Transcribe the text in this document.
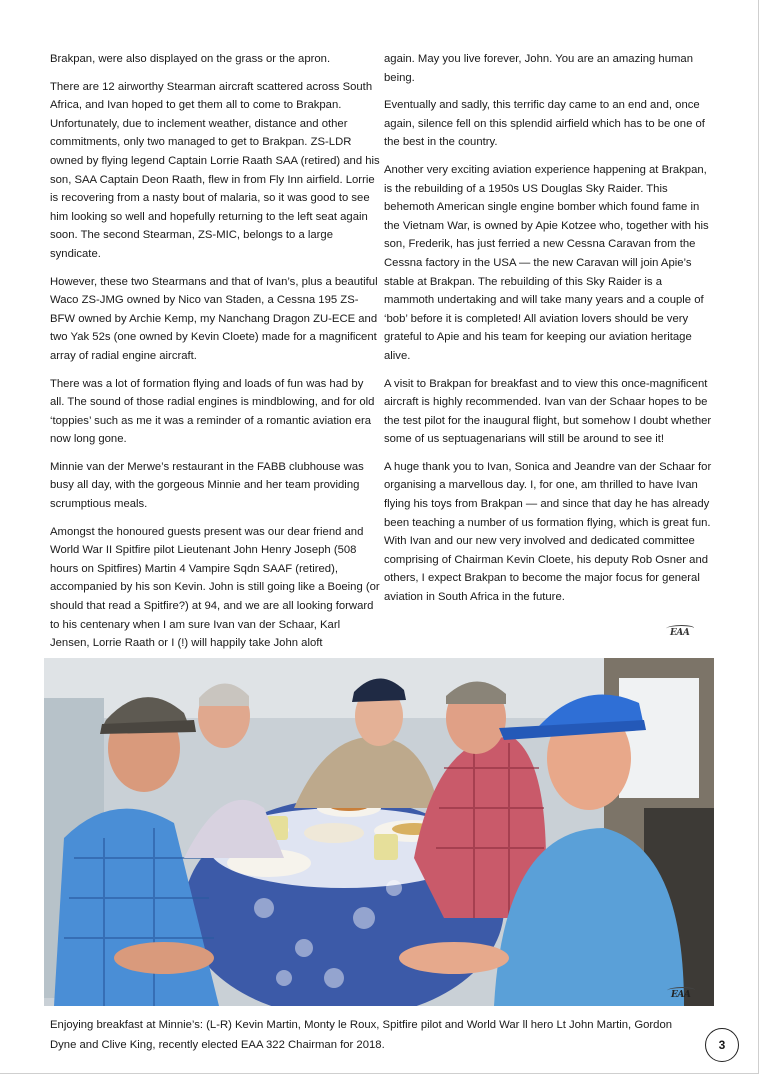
Brakpan, were also displayed on the grass or the apron.

There are 12 airworthy Stearman aircraft scattered across South Africa, and Ivan hoped to get them all to come to Brakpan. Unfortunately, due to inclement weather, distance and other commitments, only two managed to get to Brakpan. ZS-LDR owned by flying legend Captain Lorrie Raath SAA (retired) and his son, SAA Captain Deon Raath, flew in from Fly Inn airfield. Lorrie is recovering from a nasty bout of malaria, so it was good to see him looking so well and hopefully returning to the left seat again soon. The second Stearman, ZS-MIC, belongs to a large syndicate.

However, these two Stearmans and that of Ivan’s, plus a beautiful Waco ZS-JMG owned by Nico van Staden, a Cessna 195 ZS-BFW owned by Archie Kemp, my Nanchang Dragon ZU-ECE and two Yak 52s (one owned by Kevin Cloete) made for a magnificent array of radial engine aircraft.

There was a lot of formation flying and loads of fun was had by all. The sound of those radial engines is mindblowing, and for old ‘toppies’ such as me it was a reminder of a romantic aviation era now long gone.

Minnie van der Merwe’s restaurant in the FABB clubhouse was busy all day, with the gorgeous Minnie and her team providing scrumptious meals.

Amongst the honoured guests present was our dear friend and World War II Spitfire pilot Lieutenant John Henry Joseph (508 hours on Spitfires) Martin 4 Vampire Sqdn SAAF (retired), accompanied by his son Kevin. John is still going like a Boeing (or should that read a Spitfire?) at 94, and we are all looking forward to his centenary when I am sure Ivan van der Schaar, Karl Jensen, Lorrie Raath or I (!) will happily take John aloft

again. May you live forever, John. You are an amazing human being.

Eventually and sadly, this terrific day came to an end and, once again, silence fell on this splendid airfield which has to be one of the best in the country.

Another very exciting aviation experience happening at Brakpan, is the rebuilding of a 1950s US Douglas Sky Raider. This behemoth American single engine bomber which found fame in the Vietnam War, is owned by Apie Kotzee who, together with his son, Frederik, has just ferried a new Cessna Caravan from the Cessna factory in the USA — the new Caravan will join Apie’s stable at Brakpan. The rebuilding of this Sky Raider is a mammoth undertaking and will take many years and a couple of ‘bob’ before it is completed! All aviation lovers should be very grateful to Apie and his team for keeping our aviation heritage alive.

A visit to Brakpan for breakfast and to view this once-magnificent aircraft is highly recommended. Ivan van der Schaar hopes to be the test pilot for the inaugural flight, but somehow I doubt whether some of us septuagenarians will still be around to see it!

A huge thank you to Ivan, Sonica and Jeandre van der Schaar for organising a marvellous day. I, for one, am thrilled to have Ivan flying his toys from Brakpan — and since that day he has already been teaching a number of us formation flying, which is great fun. With Ivan and our new very involved and dedicated committee comprising of Chairman Kevin Cloete, his deputy Rob Osner and others, I expect Brakpan to become the major focus for general aviation in South Africa in the future.

EAA
EAA
Enjoying breakfast at Minnie’s: (L-R) Kevin Martin, Monty le Roux, Spitfire pilot and World War ll hero Lt John Martin, Gordon Dyne and Clive King, recently elected EAA 322 Chairman for 2018.	3
